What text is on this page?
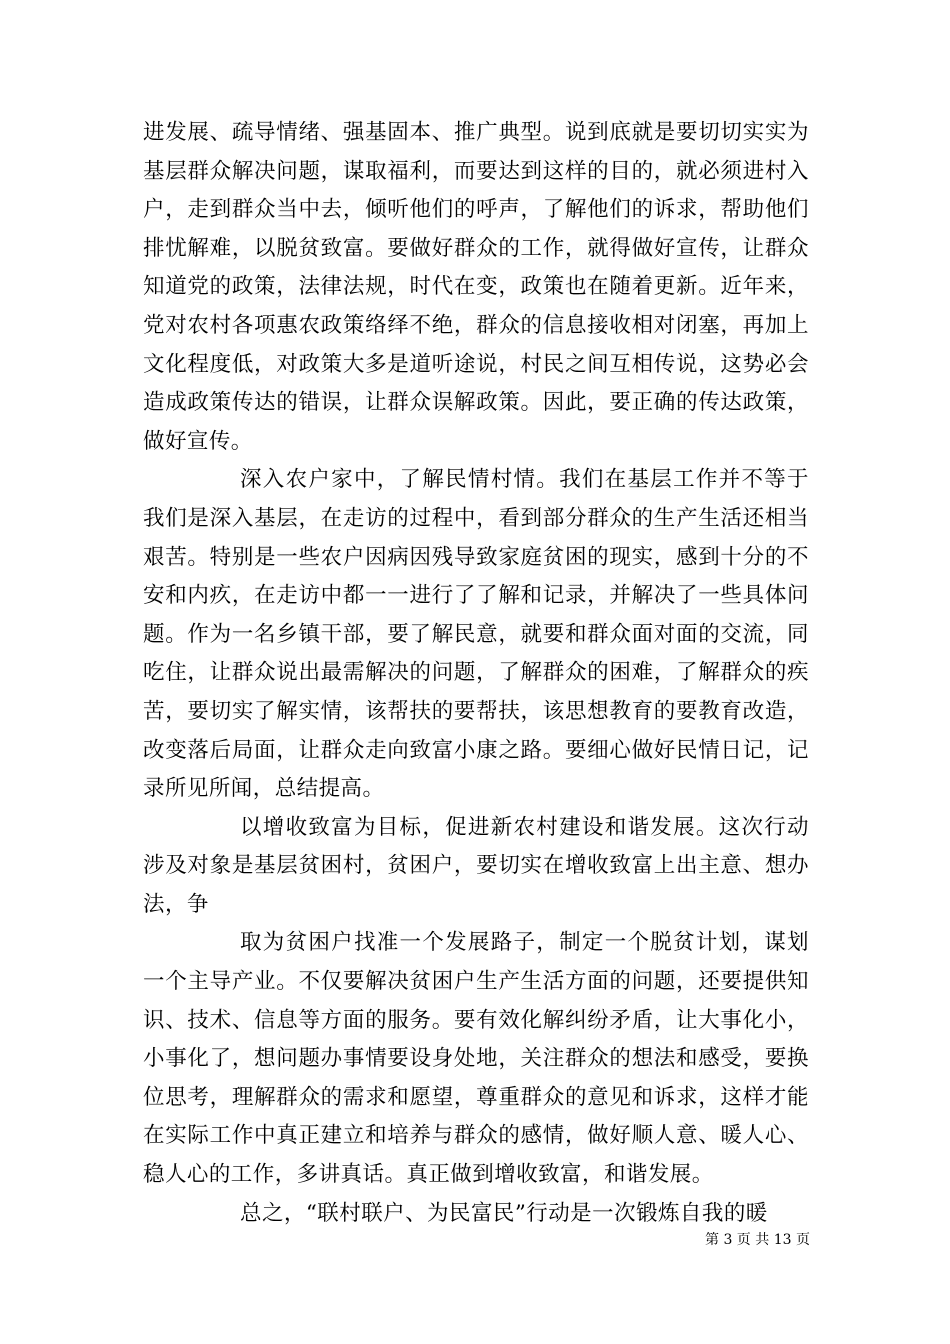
进发展、疏导情绪、强基固本、推广典型。说到底就是要切切实实为基层群众解决问题，谋取福利，而要达到这样的目的，就必须进村入户，走到群众当中去，倾听他们的呼声，了解他们的诉求，帮助他们排忧解难，以脱贫致富。要做好群众的工作，就得做好宣传，让群众知道党的政策，法律法规，时代在变，政策也在随着更新。近年来，党对农村各项惠农政策络绎不绝，群众的信息接收相对闭塞，再加上文化程度低，对政策大多是道听途说，村民之间互相传说，这势必会造成政策传达的错误，让群众误解政策。因此，要正确的传达政策，做好宣传。

深入农户家中，了解民情村情。我们在基层工作并不等于我们是深入基层，在走访的过程中，看到部分群众的生产生活还相当艰苦。特别是一些农户因病因残导致家庭贫困的现实，感到十分的不安和内疚，在走访中都一一进行了了解和记录，并解决了一些具体问题。作为一名乡镇干部，要了解民意，就要和群众面对面的交流，同吃住，让群众说出最需解决的问题，了解群众的困难，了解群众的疾苦，要切实了解实情，该帮扶的要帮扶，该思想教育的要教育改造，改变落后局面，让群众走向致富小康之路。要细心做好民情日记，记录所见所闻，总结提高。

以增收致富为目标，促进新农村建设和谐发展。这次行动涉及对象是基层贫困村，贫困户，要切实在增收致富上出主意、想办法，争

取为贫困户找准一个发展路子，制定一个脱贫计划，谋划一个主导产业。不仅要解决贫困户生产生活方面的问题，还要提供知识、技术、信息等方面的服务。要有效化解纠纷矛盾，让大事化小，小事化了，想问题办事情要设身处地，关注群众的想法和感受，要换位思考，理解群众的需求和愿望，尊重群众的意见和诉求，这样才能在实际工作中真正建立和培养与群众的感情，做好顺人意、暖人心、稳人心的工作，多讲真话。真正做到增收致富，和谐发展。

总之，“联村联户、为民富民”行动是一次锻炼自我的暖

第 3 页 共 13 页
